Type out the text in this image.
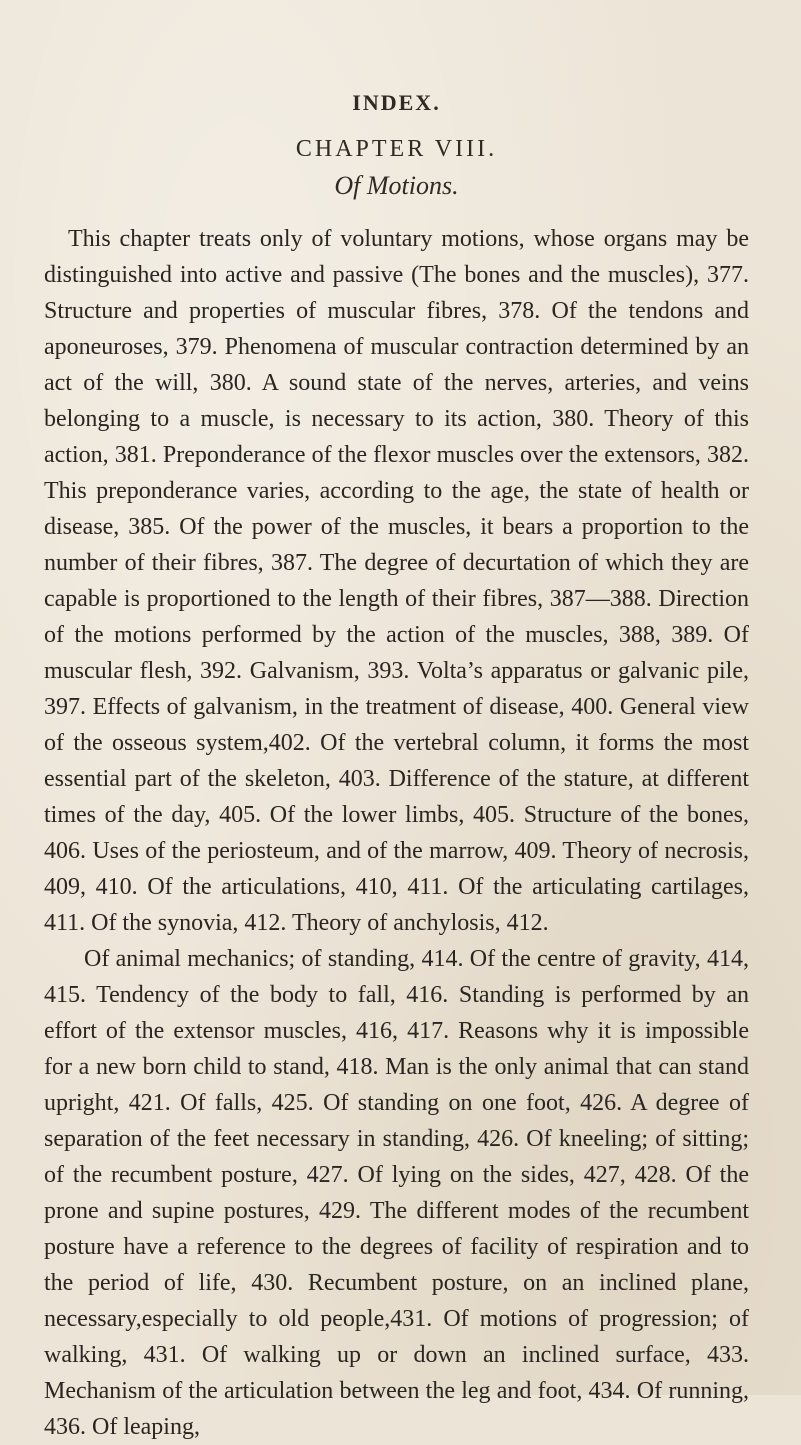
INDEX.
CHAPTER VIII.
Of Motions.

This chapter treats only of voluntary motions, whose organs may be distinguished into active and passive (The bones and the muscles), 377. Structure and properties of muscular fibres, 378. Of the tendons and aponeuroses, 379. Phenomena of muscular contraction determined by an act of the will, 380. A sound state of the nerves, arteries, and veins belonging to a muscle, is necessary to its action, 380. Theory of this action, 381. Preponderance of the flexor muscles over the extensors, 382. This preponderance varies, according to the age, the state of health or disease, 385. Of the power of the muscles, it bears a proportion to the number of their fibres, 387. The degree of decurtation of which they are capable is proportioned to the length of their fibres, 387—388. Direction of the motions performed by the action of the muscles, 388, 389. Of muscular flesh, 392. Galvanism, 393. Volta’s apparatus or galvanic pile, 397. Effects of galvanism, in the treatment of disease, 400. General view of the osseous system,402. Of the vertebral column, it forms the most essential part of the skeleton, 403. Difference of the stature, at different times of the day, 405. Of the lower limbs, 405. Structure of the bones, 406. Uses of the periosteum, and of the marrow, 409. Theory of necrosis, 409, 410. Of the articulations, 410, 411. Of the articulating cartilages, 411. Of the synovia, 412. Theory of anchylosis, 412.

Of animal mechanics; of standing, 414. Of the centre of gravity, 414, 415. Tendency of the body to fall, 416. Standing is performed by an effort of the extensor muscles, 416, 417. Reasons why it is impossible for a new born child to stand, 418. Man is the only animal that can stand upright, 421. Of falls, 425. Of standing on one foot, 426. A degree of separation of the feet necessary in standing, 426. Of kneeling; of sitting; of the recumbent posture, 427. Of lying on the sides, 427, 428. Of the prone and supine postures, 429. The different modes of the recumbent posture have a reference to the degrees of facility of respiration and to the period of life, 430. Recumbent posture, on an inclined plane, necessary,especially to old people,431. Of motions of progression; of walking, 431. Of walking up or down an inclined surface, 433. Mechanism of the articulation between the leg and foot, 434. Of running, 436. Of leaping,
